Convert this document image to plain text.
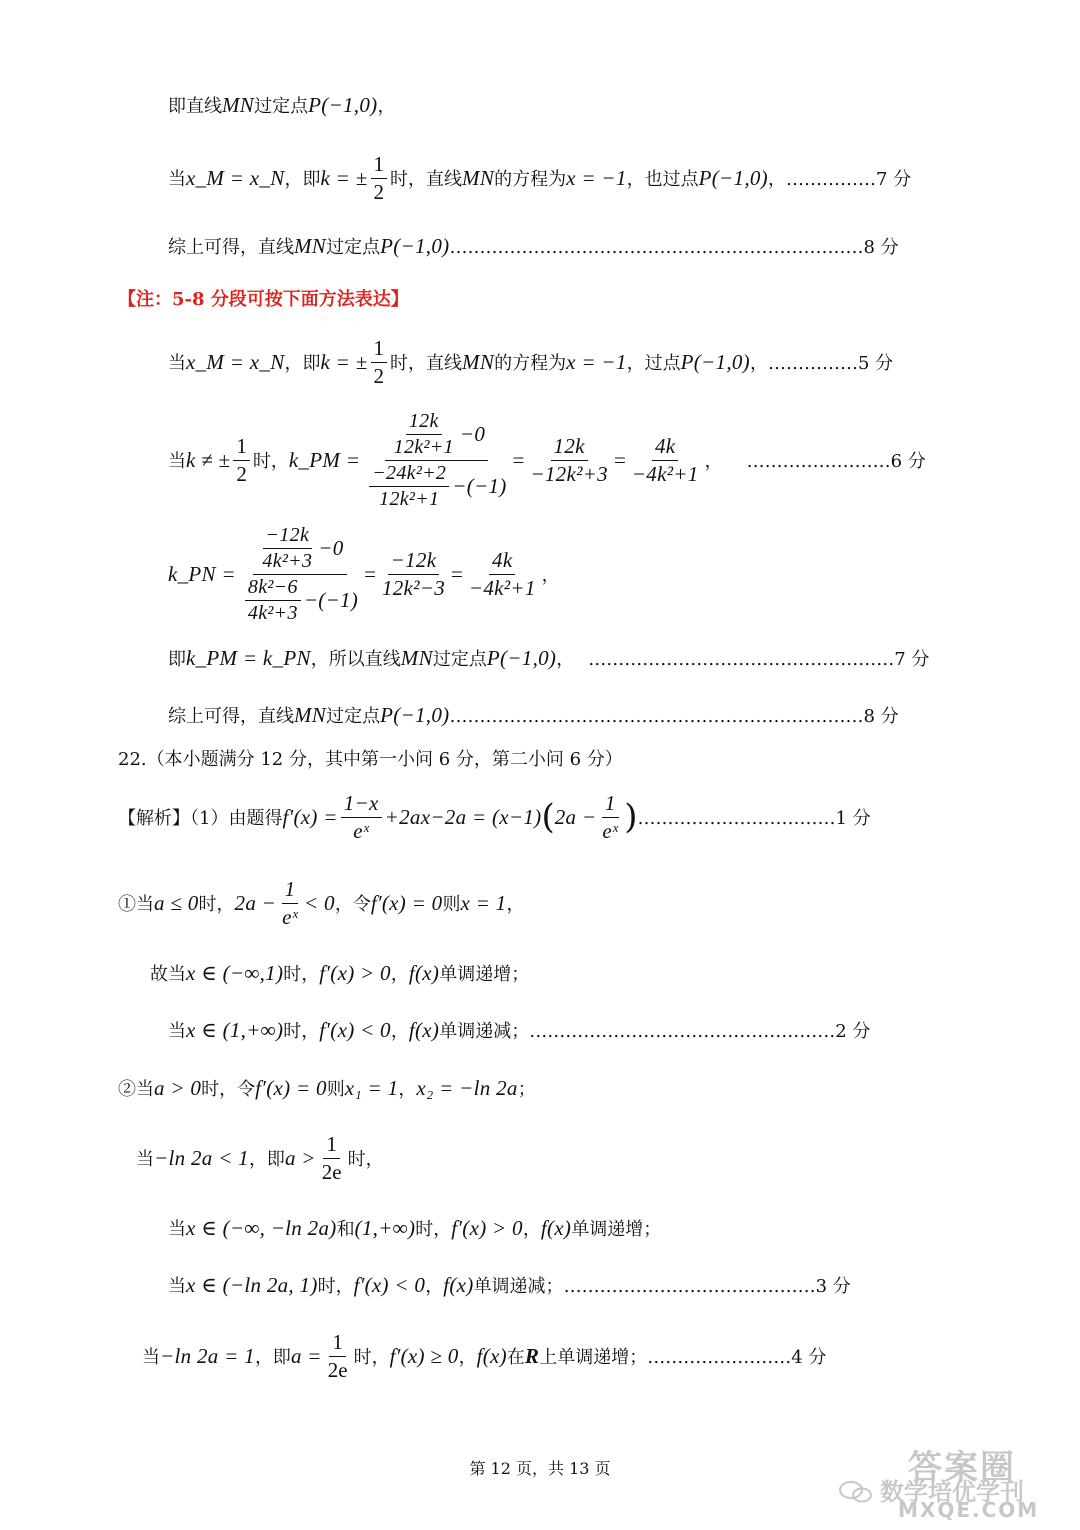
即直线 MN 过定点 P(−1,0) ，
当 x_M = x_N ，即 k = ± $\frac{1}{2}$ 时，直线 MN 的方程为 x = −1 ，也过点 P(−1,0) ， ……………7 分
综上可得，直线 MN 过定点 P(−1,0) ……………………………………………………………8 分
【注：5-8 分段可按下面方法表达】
当 x_M = x_N ，即 k = ± $\frac{1}{2}$ 时，直线 MN 的方程为 x = −1 ，过点 P(−1,0) ， ……………5 分
当 k ≠ ± $\frac{1}{2}$ 时， k_PM = $\frac{\frac{12k}{\text{12k²+1}} -0}{\frac{\text{−24k²+2}}{\text{12k²+1}} -(-1)} = \frac{12k}{\text{−12k²+3}} = \frac{4k}{\text{−4k²+1}}$ ， ……………………6 分
k_PN = $\frac{\frac{-12k}{\text{4k²+3}} -0}{\frac{\text{8k²−6}}{\text{4k²+3}} -(-1)} = \frac{-12k}{\text{12k²−3}} = \frac{4k}{\text{−4k²+1}}$ ，
即 k_PM = k_PN ，所以直线 MN 过定点 P(−1,0) ， ……………………………………………7 分
综上可得，直线 MN 过定点 P(−1,0) ……………………………………………………………8 分
22.（本小题满分 12 分，其中第一小问 6 分，第二小问 6 分）
【解析】（1）由题得 $f'(x) = \frac{1-x}{\text{eˣ}} +2ax-2a = (x-1)$ ( $2a - \frac{1}{\text{eˣ}}$ ) ……………………………1 分
①当 a ≤ 0 时， $2a - \frac{1}{\text{eˣ}} < 0$ ，令 f′(x) = 0 则 x = 1 ，
故当 x ∈ (−∞,1) 时， f′(x) > 0 ， f(x) 单调递增；
当 x ∈ (1,+∞) 时， f′(x) < 0 ， f(x) 单调递减； ……………………………………………2 分
②当 a > 0 时，令 f′(x) = 0 则 x₁ = 1 ， x₂ = −ln 2a ；
当 −ln 2a < 1 ，即 $a > \frac{1}{2e}$ 时，
当 x ∈ (−∞, −ln 2a) 和 (1,+∞) 时， f′(x) > 0 ， f(x) 单调递增；
当 x ∈ (−ln 2a, 1) 时， f′(x) < 0 ， f(x) 单调递减； ……………………………………3 分
当 −ln 2a = 1 ，即 $a = \frac{1}{2e}$ 时， f′(x) ≥ 0 ， f(x) 在 R 上单调递增； ……………………4 分
第 12 页，共 13 页	答案圈
数学培优学刊
MXQE.COM
